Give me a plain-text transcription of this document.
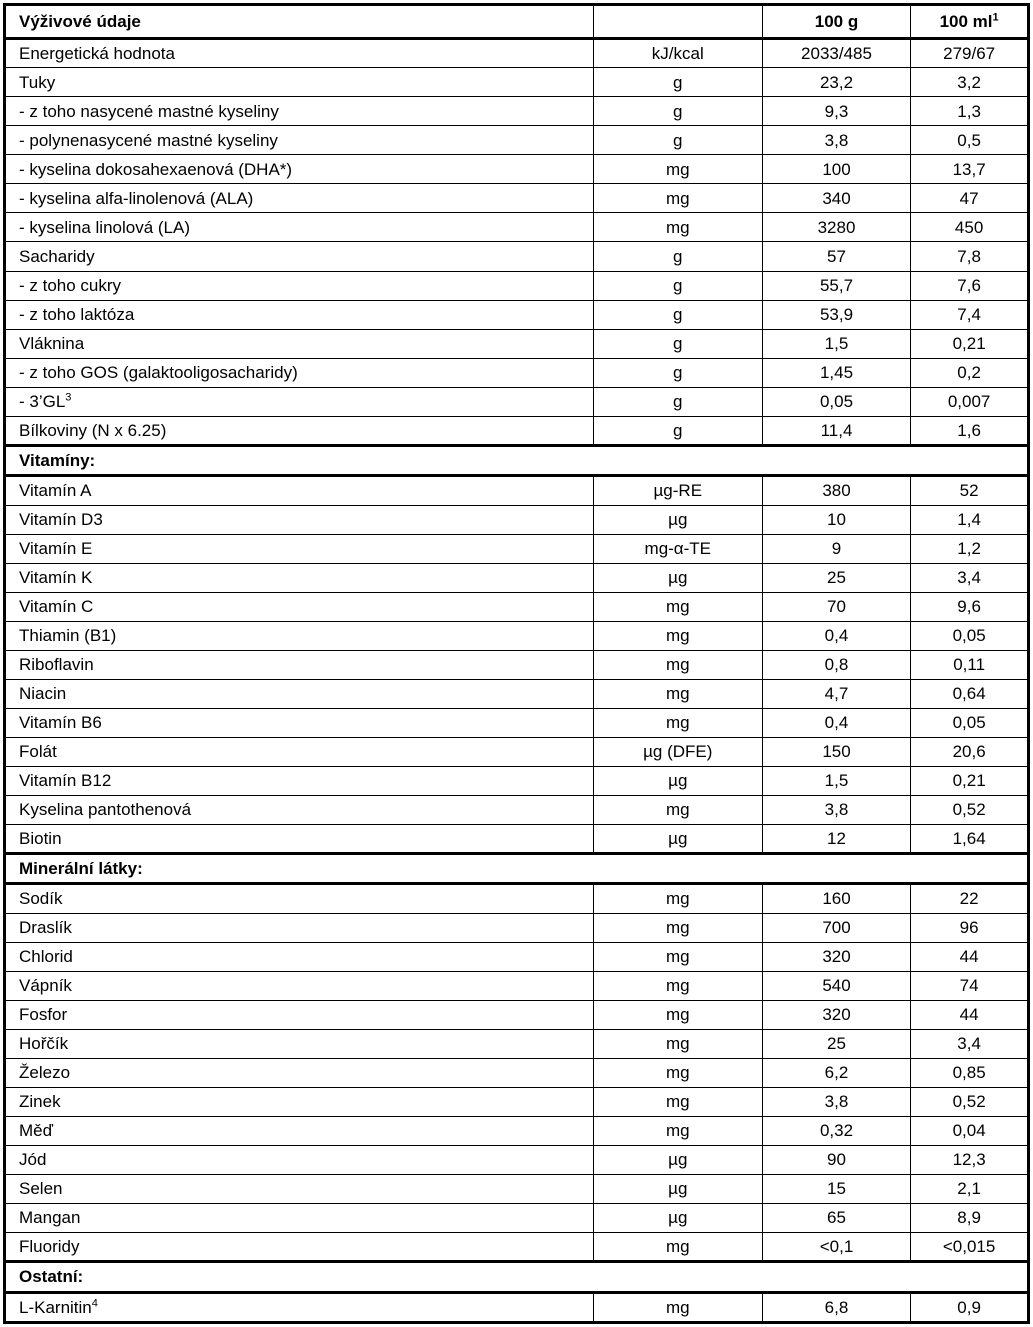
Výživové údaje		100 g	100 $ml^1$
Energetická hodnota	kJ/kcal	2033/485	279/67
Tuky	g	23,2	3,2
- z toho nasycené mastné kyseliny	g	9,3	1,3
- polynenasycené mastné kyseliny	g	3,8	0,5
- kyselina dokosahexaenová (DHA*)	mg	100	13,7
- kyselina alfa-linolenová (ALA)	mg	340	47
- kyselina linolová (LA)	mg	3280	450
Sacharidy	g	57	7,8
- z toho cukry	g	55,7	7,6
- z toho laktóza	g	53,9	7,4
Vláknina	g	1,5	0,21
- z toho GOS (galaktooligosacharidy)	g	1,45	0,2
- $3’GL^3$	g	0,05	0,007
Bílkoviny (N x 6.25)	g	11,4	1,6
Vitamíny:			
Vitamín A	µg-RE	380	52
Vitamín D3	µg	10	1,4
Vitamín E	mg-α-TE	9	1,2
Vitamín K	µg	25	3,4
Vitamín C	mg	70	9,6
Thiamin (B1)	mg	0,4	0,05
Riboflavin	mg	0,8	0,11
Niacin	mg	4,7	0,64
Vitamín B6	mg	0,4	0,05
Folát	µg (DFE)	150	20,6
Vitamín B12	µg	1,5	0,21
Kyselina pantothenová	mg	3,8	0,52
Biotin	µg	12	1,64
Minerální látky:			
Sodík	mg	160	22
Draslík	mg	700	96
Chlorid	mg	320	44
Vápník	mg	540	74
Fosfor	mg	320	44
Hořčík	mg	25	3,4
Železo	mg	6,2	0,85
Zinek	mg	3,8	0,52
Měď	mg	0,32	0,04
Jód	µg	90	12,3
Selen	µg	15	2,1
Mangan	µg	65	8,9
Fluoridy	mg	<0,1	<0,015
Ostatní:			
L-Karnitin$^4$	mg	6,8	0,9
